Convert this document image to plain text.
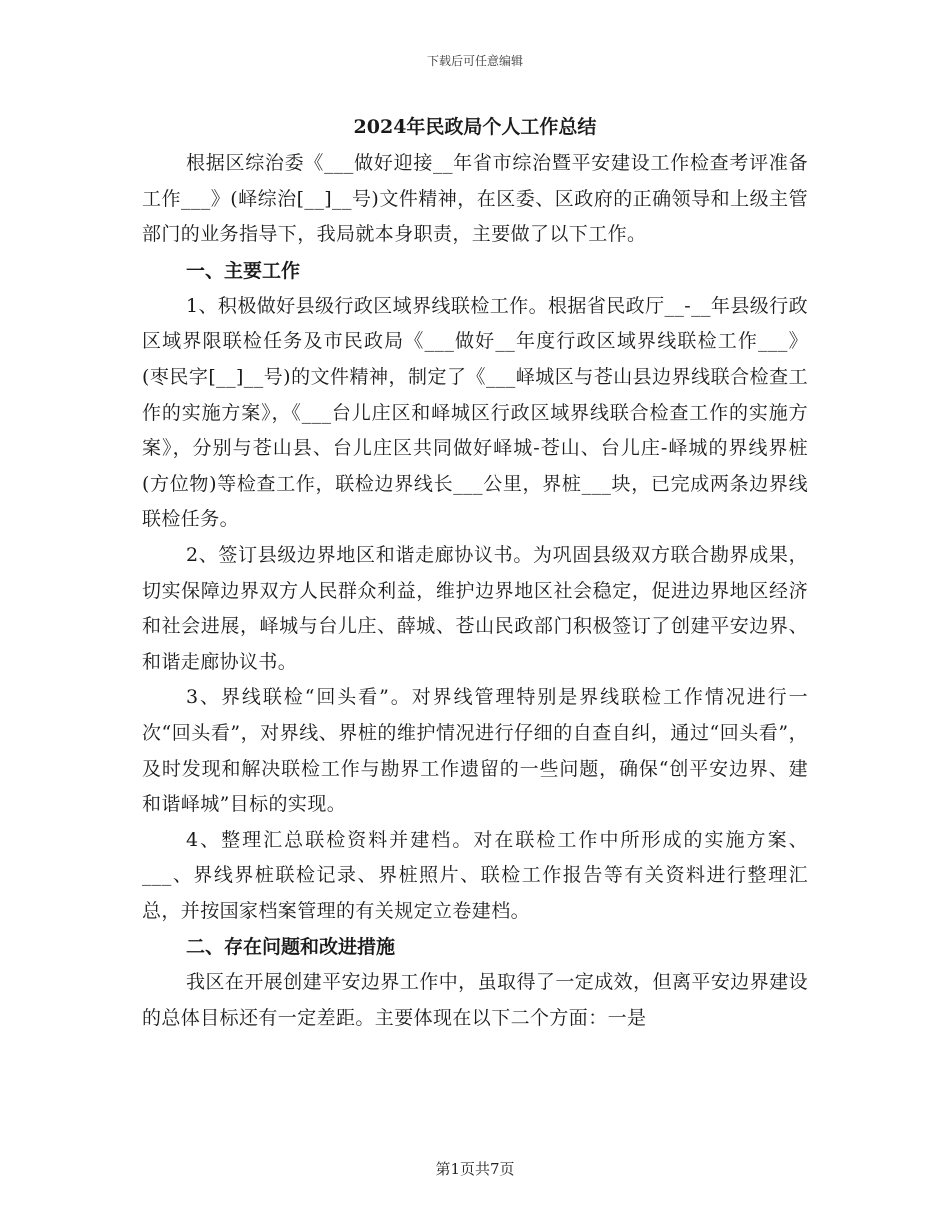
下载后可任意编辑
2024年民政局个人工作总结

根据区综治委《___做好迎接__年省市综治暨平安建设工作检查考评准备工作___》(峄综治[__]__号)文件精神，在区委、区政府的正确领导和上级主管部门的业务指导下，我局就本身职责，主要做了以下工作。

一、主要工作

1、积极做好县级行政区域界线联检工作。根据省民政厅__-__年县级行政区域界限联检任务及市民政局《___做好__年度行政区域界线联检工作___》(枣民字[__]__号)的文件精神，制定了《___峄城区与苍山县边界线联合检查工作的实施方案》，《___台儿庄区和峄城区行政区域界线联合检查工作的实施方案》，分别与苍山县、台儿庄区共同做好峄城-苍山、台儿庄-峄城的界线界桩(方位物)等检查工作，联检边界线长___公里，界桩___块，已完成两条边界线联检任务。

2、签订县级边界地区和谐走廊协议书。为巩固县级双方联合勘界成果，切实保障边界双方人民群众利益，维护边界地区社会稳定，促进边界地区经济和社会进展，峄城与台儿庄、薛城、苍山民政部门积极签订了创建平安边界、和谐走廊协议书。

3、界线联检“回头看”。对界线管理特别是界线联检工作情况进行一次“回头看”，对界线、界桩的维护情况进行仔细的自查自纠，通过“回头看”，及时发现和解决联检工作与勘界工作遗留的一些问题，确保“创平安边界、建和谐峄城”目标的实现。

4、整理汇总联检资料并建档。对在联检工作中所形成的实施方案、___、界线界桩联检记录、界桩照片、联检工作报告等有关资料进行整理汇总，并按国家档案管理的有关规定立卷建档。

二、存在问题和改进措施

我区在开展创建平安边界工作中，虽取得了一定成效，但离平安边界建设的总体目标还有一定差距。主要体现在以下二个方面：一是

第1页共7页
